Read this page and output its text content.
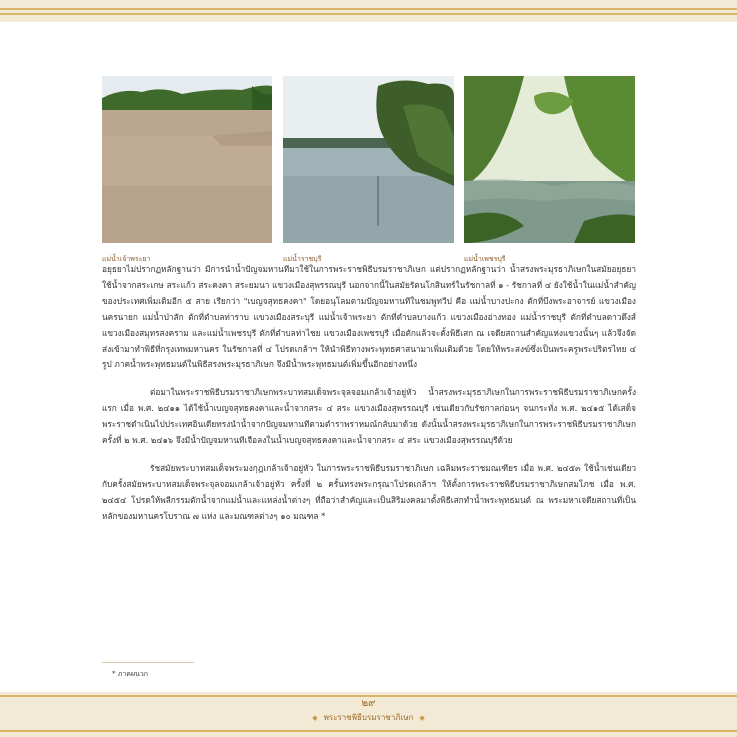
แม่น้ำเจ้าพระยา	แม่น้ำราชบุรี	แม่น้ำเพชรบุรี

อยุธยาไม่ปรากฏหลักฐานว่า มีการนำน้ำปัญจมหานทีมาใช้ในการพระราชพิธีบรมราชาภิเษก แต่ปรากฏหลักฐานว่า น้ำสรงพระมุรธาภิเษกในสมัยอยุธยาใช้น้ำจากสระเกษ สระแก้ว สระคงคา สระยมนา แขวงเมืองสุพรรณบุรี นอกจากนี้ในสมัยรัตนโกสินทร์ในรัชกาลที่ ๑ - รัชกาลที่ ๔ ยังใช้น้ำในแม่น้ำสำคัญของประเทศเพิ่มเติมอีก ๕ สาย เรียกว่า "เบญจสุทธคงคา" โดยอนุโลมตามปัญจมหานทีในชมพูทวีป คือ แม่น้ำบางปะกง ตักที่บึงพระอาจารย์ แขวงเมืองนครนายก แม่น้ำป่าสัก ตักที่ตำบลท่าราบ แขวงเมืองสระบุรี แม่น้ำเจ้าพระยา ตักที่ตำบลบางแก้ว แขวงเมืองอ่างทอง แม่น้ำราชบุรี ตักที่ตำบลดาวดึงส์ แขวงเมืองสมุทรสงคราม และแม่น้ำเพชรบุรี ตักที่ตำบลท่าไชย แขวงเมืองเพชรบุรี เมื่อตักแล้วจะตั้งพิธีเสก ณ เจดียสถานสำคัญแห่งแขวงนั้นๆ แล้วจึงจัดส่งเข้ามาทำพิธีที่กรุงเทพมหานคร ในรัชกาลที่ ๔ โปรดเกล้าฯ ให้นำพิธีทางพระพุทธศาสนามาเพิ่มเติมด้วย โดยให้พระสงฆ์ซึ่งเป็นพระครูพระปริตรไทย ๔ รูป ภาคน้ำพระพุทธมนต์ในพิธีสรงพระมุรธาภิเษก จึงมีน้ำพระพุทธมนต์เพิ่มขึ้นอีกอย่างหนึ่ง

ต่อมาในพระราชพิธีบรมราชาภิเษกพระบาทสมเด็จพระจุลจอมเกล้าเจ้าอยู่หัว น้ำสรงพระมุรธาภิเษกในการพระราชพิธีบรมราชาภิเษกครั้งแรก เมื่อ พ.ศ. ๒๔๑๑ ได้ใช้น้ำเบญจสุทธคงคาและน้ำจากสระ ๔ สระ แขวงเมืองสุพรรณบุรี เช่นเดียวกับรัชกาลก่อนๆ จนกระทั่ง พ.ศ. ๒๔๑๕ ได้เสด็จพระราชดำเนินไปประเทศอินเดียทรงนำน้ำจากปัญจมหานทีตามตำราพราหมณ์กลับมาด้วย ดังนั้นน้ำสรงพระมุรธาภิเษกในการพระราชพิธีบรมราชาภิเษกครั้งที่ ๒ พ.ศ. ๒๔๑๖ จึงมีน้ำปัญจมหานทีเจือลงในน้ำเบญจสุทธคงคาและน้ำจากสระ ๔ สระ แขวงเมืองสุพรรณบุรีด้วย

รัชสมัยพระบาทสมเด็จพระมงกุฎเกล้าเจ้าอยู่หัว ในการพระราชพิธีบรมราชาภิเษก เฉลิมพระราชมณเฑียร เมื่อ พ.ศ. ๒๔๕๓ ใช้น้ำเช่นเดียวกับครั้งสมัยพระบาทสมเด็จพระจุลจอมเกล้าเจ้าอยู่หัว ครั้งที่ ๒ ครั้นทรงพระกรุณาโปรดเกล้าฯ ให้ตั้งการพระราชพิธีบรมราชาภิเษกสมโภช เมื่อ พ.ศ. ๒๔๕๔ โปรดให้พลีกรรมตักน้ำจากแม่น้ำและแหล่งน้ำต่างๆ ที่ถือว่าสำคัญและเป็นสิริมงคลมาตั้งพิธีเสกทำน้ำพระพุทธมนต์ ณ พระมหาเจดียสถานที่เป็นหลักของมหานครโบราณ ๗ แห่ง และมณฑลต่างๆ ๑๐ มณฑล *

* ภาคผนวก
๒๙
◆ พระราชพิธีบรมราชาภิเษก ◆
